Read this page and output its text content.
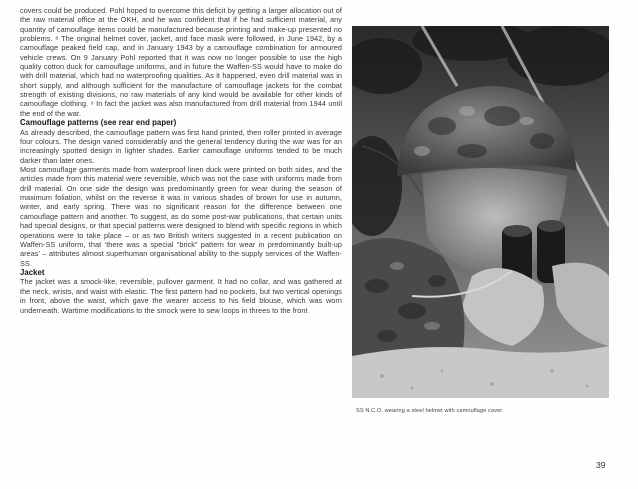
covers could be produced. Pohl hoped to overcome this deficit by getting a larger allocation out of the raw material office at the OKH, and he was confident that if he had sufficient material, any quantity of camouflage items could be manufactured because printing and make-up presented no problems. ⁸ The original helmet cover, jacket, and face mask were followed, in June 1942, by a camouflage peaked field cap, and in January 1943 by a camouflage combination for armoured vehicle crews. On 9 January Pohl reported that it was now no longer possible to use the high quality cotton duck for camouflage uniforms, and in future the Waffen-SS would have to make do with drill material, which had no waterproofing qualities. As it happened, even drill material was in short supply, and although sufficient for the manufacture of camouflage jackets for the combat strength of existing divisions, no raw materials of any kind would be available for other kinds of camouflage clothing. ⁹ In fact the jacket was also manufactured from drill material from 1944 until the end of the war.

Camouflage patterns (see rear end paper)

As already described, the camouflage pattern was first hand printed, then roller printed in average four colours. The design varied considerably and the general tendency during the war was for an increasingly spotted design in lighter shades. Earlier camouflage uniforms tended to be much darker than later ones.

Most camouflage garments made from waterproof linen duck were printed on both sides, and the articles made from this material were reversible, which was not the case with uniforms made from drill material. On one side the design was predominantly green for wear during the season of maximum foliation, whilst on the reverse it was in various shades of brown for use in autumn, winter, and early spring. There was no significant reason for the difference between one camouflage pattern and another. To suggest, as do some post-war publications, that certain units had special designs, or that special patterns were designed to blend with specific regions in which operations were to take place – or as two British writers suggested in a recent publication on Waffen-SS uniform, that ‘there was a special “brick” pattern for wear in predominantly built-up areas’ – attributes almost superhuman organisational ability to the supply services of the Waffen-SS.

Jacket

The jacket was a smock-like, reversible, pullover garment. It had no collar, and was gathered at the neck, wrists, and waist with elastic. The first pattern had no pockets, but two vertical openings in front, above the waist, which gave the wearer access to his field blouse, which was worn underneath. Wartime modifications to the smock were to sew loops in threes to the front

SS N.C.O. wearing a steel helmet with camouflage cover.
39
